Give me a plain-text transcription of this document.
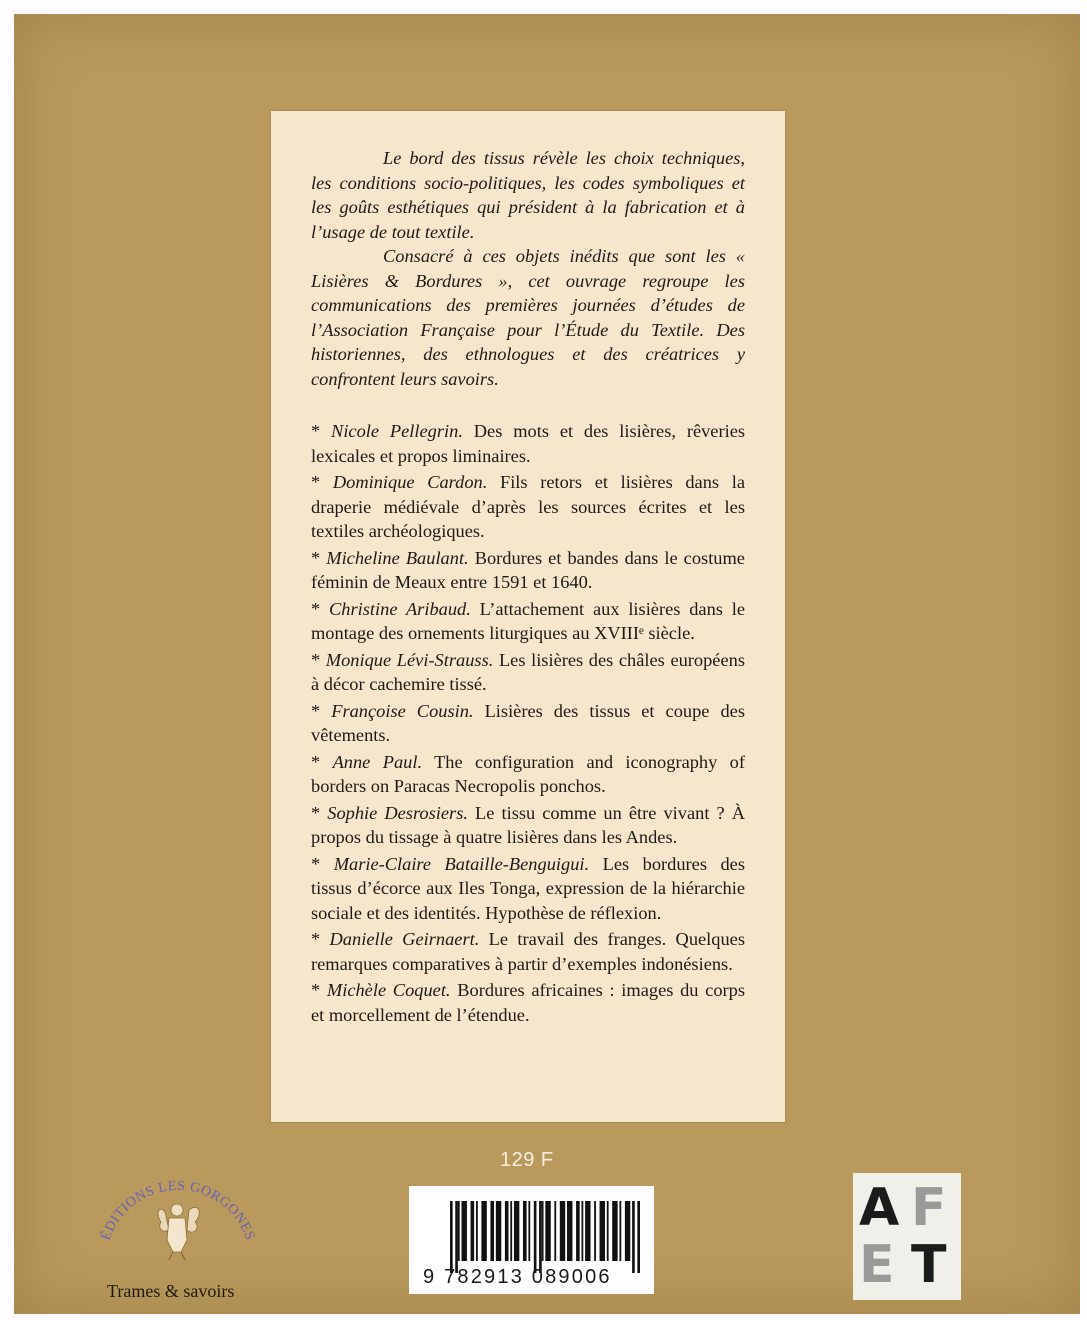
Le bord des tissus révèle les choix techniques, les conditions socio-politiques, les codes symboliques et les goûts esthétiques qui président à la fabrication et à l’usage de tout textile.

Consacré à ces objets inédits que sont les « Lisières & Bordures », cet ouvrage regroupe les communications des premières journées d’études de l’Association Française pour l’Étude du Textile. Des historiennes, des ethnologues et des créatrices y confrontent leurs savoirs.

* Nicole Pellegrin. Des mots et des lisières, rêveries lexicales et propos liminaires.

* Dominique Cardon. Fils retors et lisières dans la draperie médiévale d’après les sources écrites et les textiles archéologiques.

* Micheline Baulant. Bordures et bandes dans le costume féminin de Meaux entre 1591 et 1640.

* Christine Aribaud. L’attachement aux lisières dans le montage des ornements liturgiques au XVIIIᵉ siècle.

* Monique Lévi-Strauss. Les lisières des châles européens à décor cachemire tissé.

* Françoise Cousin. Lisières des tissus et coupe des vêtements.

* Anne Paul. The configuration and iconography of borders on Paracas Necropolis ponchos.

* Sophie Desrosiers. Le tissu comme un être vivant ? À propos du tissage à quatre lisières dans les Andes.

* Marie-Claire Bataille-Benguigui. Les bordures des tissus d’écorce aux Iles Tonga, expression de la hiérarchie sociale et des identités. Hypothèse de réflexion.

* Danielle Geirnaert. Le travail des franges. Quelques remarques comparatives à partir d’exemples indonésiens.

* Michèle Coquet. Bordures africaines : images du corps et morcellement de l’étendue.

129 F
9 782913 089006
A F
E T
ÉDITIONS LES GORGONES
Trames & savoirs
